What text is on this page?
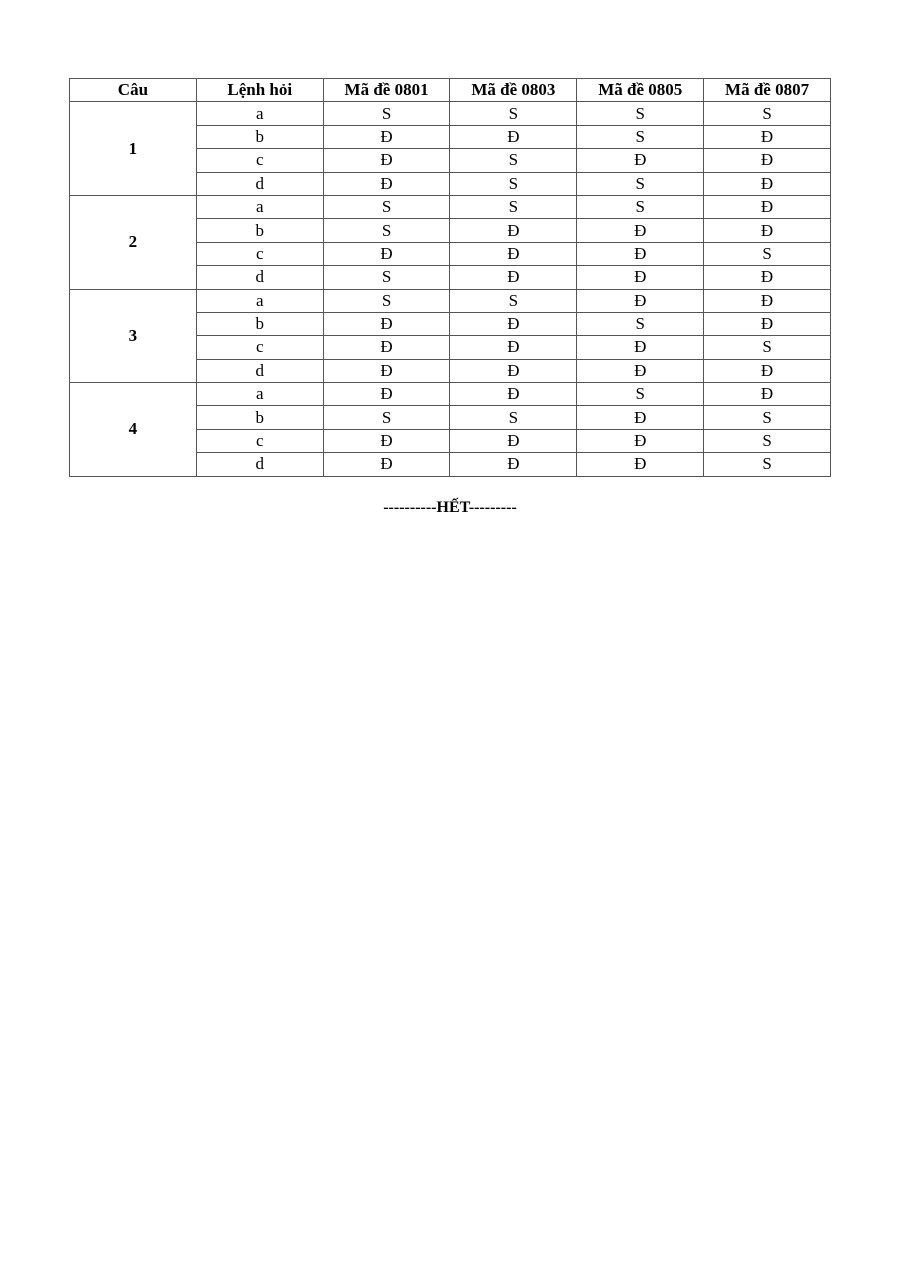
Câu	Lệnh hỏi	Mã đề 0801	Mã đề 0803	Mã đề 0805	Mã đề 0807
1	a	S	S	S	S
	b	Đ	Đ	S	Đ
	c	Đ	S	Đ	Đ
	d	Đ	S	S	Đ
2	a	S	S	S	Đ
	b	S	Đ	Đ	Đ
	c	Đ	Đ	Đ	S
	d	S	Đ	Đ	Đ
3	a	S	S	Đ	Đ
	b	Đ	Đ	S	Đ
	c	Đ	Đ	Đ	S
	d	Đ	Đ	Đ	Đ
4	a	Đ	Đ	S	Đ
	b	S	S	Đ	S
	c	Đ	Đ	Đ	S
	d	Đ	Đ	Đ	S
----------HẾT---------
